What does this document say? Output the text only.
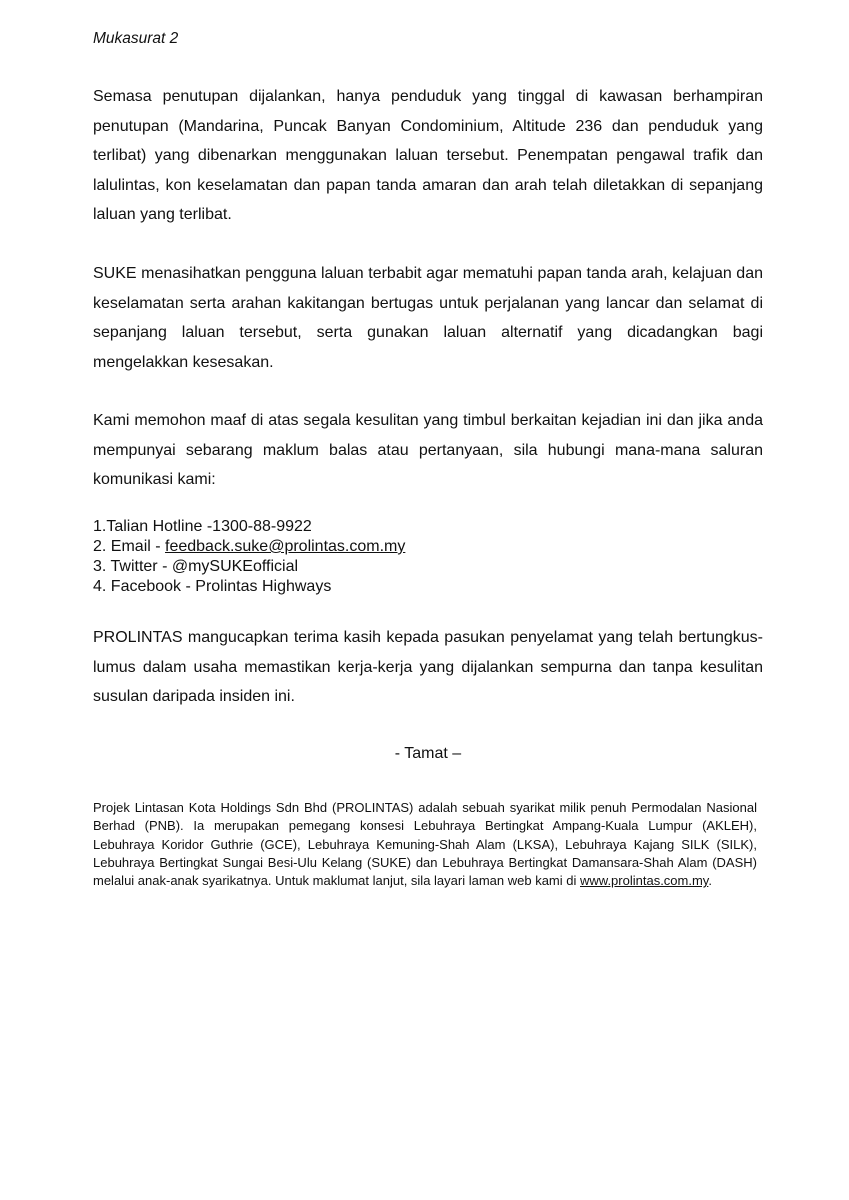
Mukasurat 2

Semasa penutupan dijalankan, hanya penduduk yang tinggal di kawasan berhampiran penutupan (Mandarina, Puncak Banyan Condominium, Altitude 236 dan penduduk yang terlibat) yang dibenarkan menggunakan laluan tersebut. Penempatan pengawal trafik dan lalulintas, kon keselamatan dan papan tanda amaran dan arah telah diletakkan di sepanjang laluan yang terlibat.

SUKE menasihatkan pengguna laluan terbabit agar mematuhi papan tanda arah, kelajuan dan keselamatan serta arahan kakitangan bertugas untuk perjalanan yang lancar dan selamat di sepanjang laluan tersebut, serta gunakan laluan alternatif yang dicadangkan bagi mengelakkan kesesakan.

Kami memohon maaf di atas segala kesulitan yang timbul berkaitan kejadian ini dan jika anda mempunyai sebarang maklum balas atau pertanyaan, sila hubungi mana-mana saluran komunikasi kami:

1.Talian Hotline -1300-88-9922
2. Email - feedback.suke@prolintas.com.my
3. Twitter - @mySUKEofficial
4. Facebook - Prolintas Highways

PROLINTAS mangucapkan terima kasih kepada pasukan penyelamat yang telah bertungkus-lumus dalam usaha memastikan kerja-kerja yang dijalankan sempurna dan tanpa kesulitan susulan daripada insiden ini.

- Tamat –

Projek Lintasan Kota Holdings Sdn Bhd (PROLINTAS) adalah sebuah syarikat milik penuh Permodalan Nasional Berhad (PNB). Ia merupakan pemegang konsesi Lebuhraya Bertingkat Ampang-Kuala Lumpur (AKLEH), Lebuhraya Koridor Guthrie (GCE), Lebuhraya Kemuning-Shah Alam (LKSA), Lebuhraya Kajang SILK (SILK), Lebuhraya Bertingkat Sungai Besi-Ulu Kelang (SUKE) dan Lebuhraya Bertingkat Damansara-Shah Alam (DASH) melalui anak-anak syarikatnya. Untuk maklumat lanjut, sila layari laman web kami di www.prolintas.com.my.
